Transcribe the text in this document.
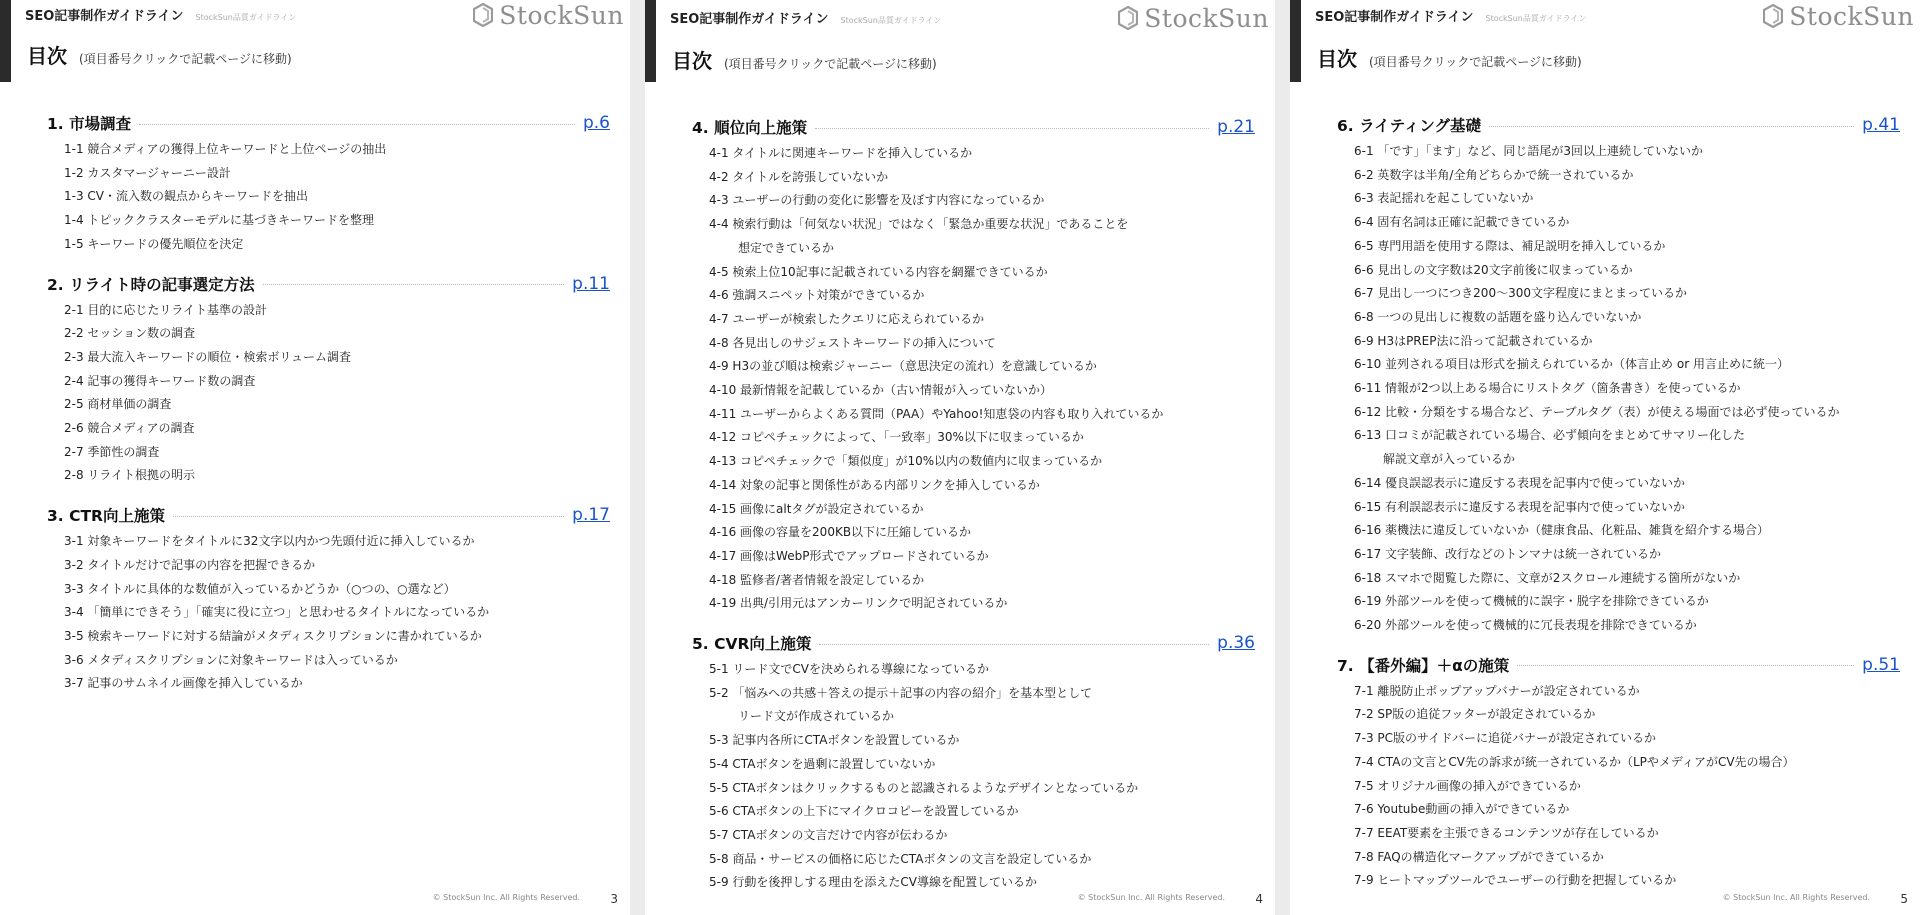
SEO記事制作ガイドライン StockSun品質ガイドライン	StockSun
目次 (項目番号クリックで記載ページに移動)
1. 市場調査	p.6
1-1 競合メディアの獲得上位キーワードと上位ページの抽出
1-2 カスタマージャーニー設計
1-3 CV・流入数の観点からキーワードを抽出
1-4 トピッククラスターモデルに基づきキーワードを整理
1-5 キーワードの優先順位を決定
2. リライト時の記事選定方法	p.11
2-1 目的に応じたリライト基準の設計
2-2 セッション数の調査
2-3 最大流入キーワードの順位・検索ボリューム調査
2-4 記事の獲得キーワード数の調査
2-5 商材単価の調査
2-6 競合メディアの調査
2-7 季節性の調査
2-8 リライト根拠の明示
3. CTR向上施策	p.17
3-1 対象キーワードをタイトルに32文字以内かつ先頭付近に挿入しているか
3-2 タイトルだけで記事の内容を把握できるか
3-3 タイトルに具体的な数値が入っているかどうか（○つの、○選など）
3-4 「簡単にできそう」「確実に役に立つ」と思わせるタイトルになっているか
3-5 検索キーワードに対する結論がメタディスクリプションに書かれているか
3-6 メタディスクリプションに対象キーワードは入っているか
3-7 記事のサムネイル画像を挿入しているか
© StockSun Inc. All Rights Reserved.	3
SEO記事制作ガイドライン StockSun品質ガイドライン	StockSun
目次 (項目番号クリックで記載ページに移動)
4. 順位向上施策	p.21
4-1 タイトルに関連キーワードを挿入しているか
4-2 タイトルを誇張していないか
4-3 ユーザーの行動の変化に影響を及ぼす内容になっているか
4-4 検索行動は「何気ない状況」ではなく「緊急か重要な状況」であることを
想定できているか
4-5 検索上位10記事に記載されている内容を網羅できているか
4-6 強調スニペット対策ができているか
4-7 ユーザーが検索したクエリに応えられているか
4-8 各見出しのサジェストキーワードの挿入について
4-9 H3の並び順は検索ジャーニー（意思決定の流れ）を意識しているか
4-10 最新情報を記載しているか（古い情報が入っていないか）
4-11 ユーザーからよくある質問（PAA）やYahoo!知恵袋の内容も取り入れているか
4-12 コピペチェックによって、「一致率」30%以下に収まっているか
4-13 コピペチェックで「類似度」が10%以内の数値内に収まっているか
4-14 対象の記事と関係性がある内部リンクを挿入しているか
4-15 画像にaltタグが設定されているか
4-16 画像の容量を200KB以下に圧縮しているか
4-17 画像はWebP形式でアップロードされているか
4-18 監修者/著者情報を設定しているか
4-19 出典/引用元はアンカーリンクで明記されているか
5. CVR向上施策	p.36
5-1 リード文でCVを決められる導線になっているか
5-2 「悩みへの共感＋答えの提示＋記事の内容の紹介」を基本型として
リード文が作成されているか
5-3 記事内各所にCTAボタンを設置しているか
5-4 CTAボタンを過剰に設置していないか
5-5 CTAボタンはクリックするものと認識されるようなデザインとなっているか
5-6 CTAボタンの上下にマイクロコピーを設置しているか
5-7 CTAボタンの文言だけで内容が伝わるか
5-8 商品・サービスの価格に応じたCTAボタンの文言を設定しているか
5-9 行動を後押しする理由を添えたCV導線を配置しているか
© StockSun Inc. All Rights Reserved.	4
SEO記事制作ガイドライン StockSun品質ガイドライン	StockSun
目次 (項目番号クリックで記載ページに移動)
6. ライティング基礎	p.41
6-1 「です」「ます」など、同じ語尾が3回以上連続していないか
6-2 英数字は半角/全角どちらかで統一されているか
6-3 表記揺れを起こしていないか
6-4 固有名詞は正確に記載できているか
6-5 専門用語を使用する際は、補足説明を挿入しているか
6-6 見出しの文字数は20文字前後に収まっているか
6-7 見出し一つにつき200〜300文字程度にまとまっているか
6-8 一つの見出しに複数の話題を盛り込んでいないか
6-9 H3はPREP法に沿って記載されているか
6-10 並列される項目は形式を揃えられているか（体言止め or 用言止めに統一）
6-11 情報が2つ以上ある場合にリストタグ（箇条書き）を使っているか
6-12 比較・分類をする場合など、テーブルタグ（表）が使える場面では必ず使っているか
6-13 口コミが記載されている場合、必ず傾向をまとめてサマリー化した
解説文章が入っているか
6-14 優良誤認表示に違反する表現を記事内で使っていないか
6-15 有利誤認表示に違反する表現を記事内で使っていないか
6-16 薬機法に違反していないか（健康食品、化粧品、雑貨を紹介する場合）
6-17 文字装飾、改行などのトンマナは統一されているか
6-18 スマホで閲覧した際に、文章が2スクロール連続する箇所がないか
6-19 外部ツールを使って機械的に誤字・脱字を排除できているか
6-20 外部ツールを使って機械的に冗長表現を排除できているか
7. 【番外編】＋αの施策	p.51
7-1 離脱防止ポップアップバナーが設定されているか
7-2 SP版の追従フッターが設定されているか
7-3 PC版のサイドバーに追従バナーが設定されているか
7-4 CTAの文言とCV先の訴求が統一されているか（LPやメディアがCV先の場合）
7-5 オリジナル画像の挿入ができているか
7-6 Youtube動画の挿入ができているか
7-7 EEAT要素を主張できるコンテンツが存在しているか
7-8 FAQの構造化マークアップができているか
7-9 ヒートマップツールでユーザーの行動を把握しているか
© StockSun Inc. All Rights Reserved.	5
